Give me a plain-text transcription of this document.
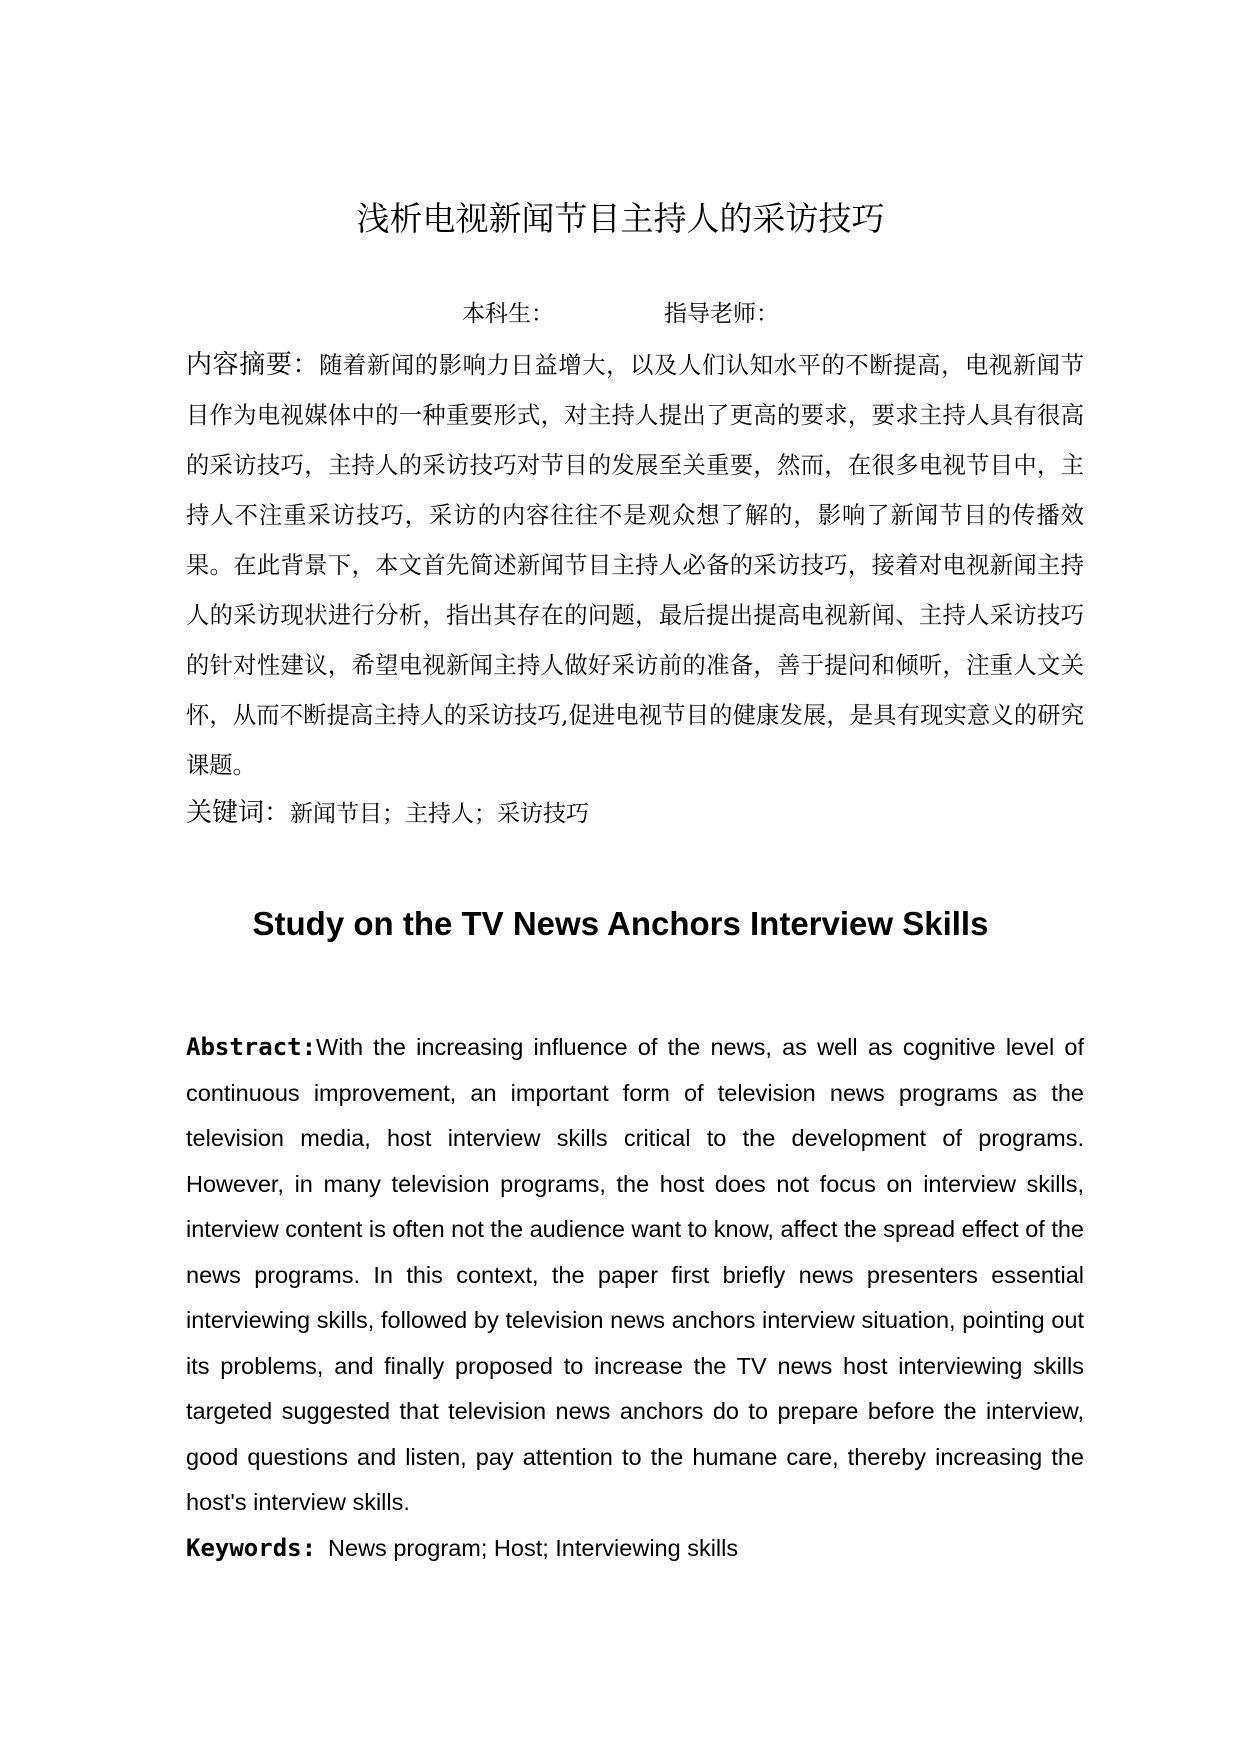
浅析电视新闻节目主持人的采访技巧
本科生：	指导老师：

内容摘要：随着新闻的影响力日益增大，以及人们认知水平的不断提高，电视新闻节目作为电视媒体中的一种重要形式，对主持人提出了更高的要求，要求主持人具有很高的采访技巧，主持人的采访技巧对节目的发展至关重要，然而，在很多电视节目中，主持人不注重采访技巧，采访的内容往往不是观众想了解的，影响了新闻节目的传播效果。在此背景下，本文首先简述新闻节目主持人必备的采访技巧，接着对电视新闻主持人的采访现状进行分析，指出其存在的问题，最后提出提高电视新闻、主持人采访技巧的针对性建议，希望电视新闻主持人做好采访前的准备，善于提问和倾听，注重人文关怀，从而不断提高主持人的采访技巧,促进电视节目的健康发展，是具有现实意义的研究课题。

关键词：新闻节目；主持人；采访技巧

Study on the TV News Anchors Interview Skills

Abstract:With the increasing influence of the news, as well as cognitive level of continuous improvement, an important form of television news programs as the television media, host interview skills critical to the development of programs. However, in many television programs, the host does not focus on interview skills, interview content is often not the audience want to know, affect the spread effect of the news programs. In this context, the paper first briefly news presenters essential interviewing skills, followed by television news anchors interview situation, pointing out its problems, and finally proposed to increase the TV news host interviewing skills targeted suggested that television news anchors do to prepare before the interview, good questions and listen, pay attention to the humane care, thereby increasing the host's interview skills.

Keywords: News program; Host; Interviewing skills
